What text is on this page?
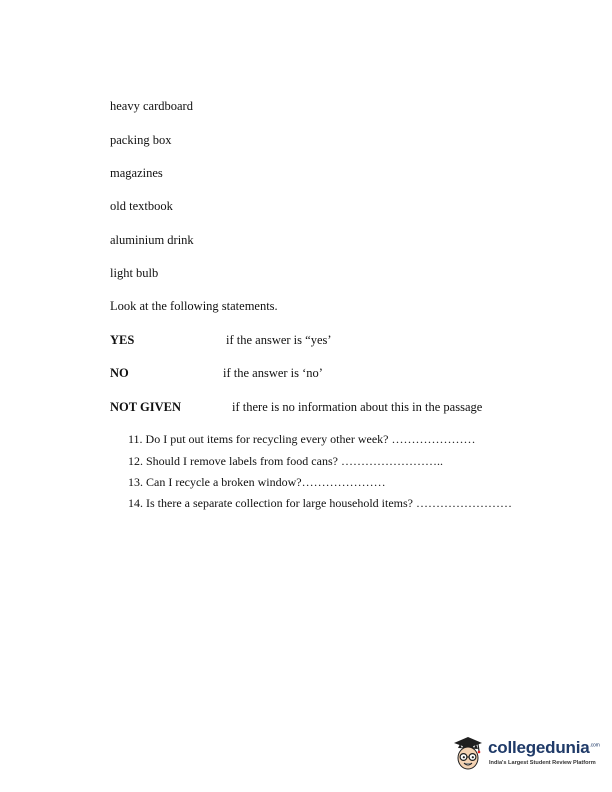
heavy cardboard
packing box
magazines
old textbook
aluminium drink
light bulb
Look at the following statements.
YES	if the answer is “yes’
NO	if the answer is ‘no’
NOT GIVEN	if there is no information about this in the passage
11. Do I put out items for recycling every other week? …………………
12. Should I remove labels from food cans? ……………………..
13. Can I recycle a broken window?…………………
14. Is there a separate collection for large household items? ……………………
collegedunia$^{.com}$
India's Largest Student Review Platform
